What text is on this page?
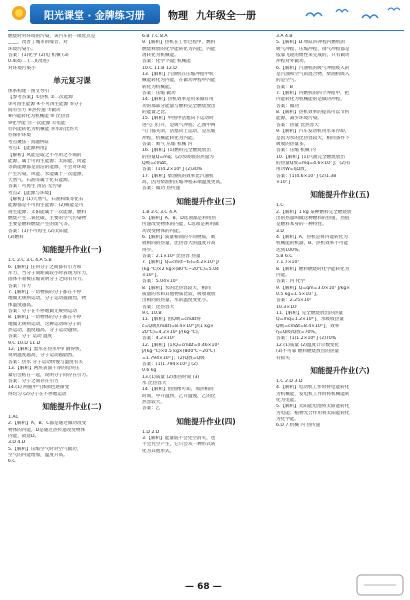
阳光课堂 · 金牌练习册 物理 九年级全一册
燃烧时对环境的污染，该汽车的一项优点是
____，改善了城市的噪音，对
环境污染小。
答案：(1)化学 (2)电 机械 (3)
0.4(4)二 (二)(改进)
对环境污染小
单元复习课
体系构建 · 图文导引
【参考答案】①热机 ②二次能源
③可再生能源 ④不可再生能源 ⑤分子
间有引力 ⑥热传递 ⑦做功
⑧内能转化为机械能 ⑨ 比热容
⑩化学能 ⑪一次能源 ⑫电能
⑬内能转化为机械能 ⑭水的比热大
⑮保护环境
考点聚焦 · 真题例证
考点1 【能源利用】
【解析】风能是取之不尽用之不竭的
能源，属于可再生能源；太阳能、风能
等新能源都是清洁的能源，不会对环境
产生污染。风能、水能属于一次能源，
天然气、石油等属于化石能源。
答案：可再生 清洁 无污染
考点2 【能源与环境】
【解析】(1)天然气、石油和煤等化石
能源都是不可再生能源；(2)核能是可
再生能源；太阳能属于一次能源，燃料
燃烧产生二氧化碳，主要的空气污染物
主要是燃料燃烧产生的废气等。
答案：(1)不可再生 (2)太阳能
(3)燃料
知能提升作业(一)
1.C 2.C 3.C 4.A 5.B
6.【解析】任何分子之间都有引力和
斥力，当分子间距离较小时表现为斥力，
固体不易被压缩说明分子之间有斥力。
答案：斥力
7.【解析】一切物质的分子都在不停
地做无规则运动，分子运动越剧烈，物
体温度越高。
答案：分子在不停地做无规则运动
8.【解析】一切物体的分子都在不停
地做无规则运动，这种运动叫分子的
热运动，温度越高，分子运动越快。
答案：分子 运动 温度
9.C 10.D 11.D
12.【解析】墨水在热水中扩散得快，
说明温度越高，分子运动越剧烈。
答案：热水 分子运动快慢与温度有关
13.【解析】两块表面干净的铅块压
紧后会粘在一起，说明分子间存在引力。
答案：分子之间存在引力
14.(1) 两瓶中气体颜色逐渐变
得均匀 (2)分子在不停地运动
知能提升作业(二)
1.AC
2.【解析】A、B、C都是通过做功改变
物体的内能，D是通过热传递改变物体
内能，故选D。
3.D 4.D
5.【解析】压缩空气时对空气做功，
空气的内能增加，温度升高。
6.C
6.B 7.C 8.A
9.【解析】热机在工作过程中，燃料
燃烧释放的化学能转化为内能，内能
再转化为机械能。
答案：化学 内能 机械能
10.C 11.B 12.D
13.【解析】汽油机在压缩冲程中机
械能转化为内能，在做功冲程中内能
转化为机械能。
答案：压缩 做功
14.【解析】热机效率是用来做有用
功的那部分能量与燃料完全燃烧放出
的能量之比。
15.【解析】甲图中活塞向下运动时
进气门打开，是吸气冲程；乙图中两
气门都关闭，活塞向上运动，是压缩
冲程，机械能转化为内能。
答案：吸气 压缩 机械 内
16.【解析】(1)燃料完全燃烧放出
的热量Q=mq；(2)水吸收的热量为
Q吸=cmΔt。
答案：(1)4.2×10⁶ J (2)30%
17.【解析】柴油机的效率比汽油机
高，因为柴油机压缩冲程末端温度更高。
答案：做功 热传递
知能提升作业(三)
1.B 2.C 3.C 4.A
5.【解析】A、B、D选项都是利用热
传递改变物体的内能，C选项是利用做
功改变物体的内能。
6.【解析】质量相同的不同物质，吸
收相同的热量，比热容大的温度升高
得少。
答案：2.1×10³ 比热容 热量
7.【解析】Q=cm(t−t₀)=4.2×10³ J/
(kg·℃)×2 kg×(80℃−20℃)=5.04
×10⁵ J。
答案：5.04×10⁵
8.【解析】水的比热容较大，相同
质量的水和其他物质比较，吸收或放
出相同的热量，水的温度变化小。
答案：比热容大
9.C 10.B
11.【解析】由Q吸=cmΔt得
c=Q吸/(mΔt)=8.4×10⁴ J/(1 kg×
20℃)=4.2×10³ J/(kg·℃)。
答案：4.2×10³
12.【解析】(1)Q=cmΔt=0.46×10³
J/(kg·℃)×0.5 kg×(800℃−20℃)
=1.794×10⁵ J；(2)Q放=Q吸
答案：(1)1.794×10⁵ J (2)
0.6 kg
13.(1)质量 (2)加热时间 (3)
水 比热容大
14.【解析】由图像可知，加热相同
时间，甲升温快，乙升温慢，乙的比
热容较大。
答案：乙
知能提升作业(四)
1.D 2.D
3.【解析】能量既不会凭空消失，也
不会凭空产生，它只会从一种形式转
化为其他形式。
3.A 4.B
5.【解析】D.单缸四冲程内燃机的
吸气冲程、压缩冲程、排气冲程都是
依靠飞轮的惯性来完成的，只有做功
冲程对外做功。
6.【解析】汽油机的吸气冲程吸入的
是汽油和空气的混合物，柴油机吸入
的是空气。
答案：B
7.【解析】内燃机的四个冲程中，把
内能转化为机械能的是做功冲程。
答案：做功
8.【解析】热机效率的提高可以节约
能源，减少环境污染。
答案：热量 比热容大
9.【解析】汽车发动机用水来冷却，
是因为水的比热容较大，相同条件下
吸收的热量多。
答案：压缩 机械 内
10.【解析】(1)汽油完全燃烧放出
的热量Q放=mq=4.6×10⁷ J；(2)有
用功W=ηQ放。
答案：(1)4.6×10⁷ J (2)1.38
×10⁷ J
知能提升作业(五)
1.C
2.【解析】1 kg 某种燃料完全燃烧放
出的热量叫做这种燃料的热值，热值
是燃料本身的一种特性。
3.D
4.【解析】A、热机是将内能转化为
机械能的机器，B、热机效率不可能
达到100%。
5.B 6.C
7.1.7×10⁷
8.【解析】燃料燃烧时化学能转化为
内能。
答案：内 化学
9.【解析】Q=qm=3.0×10⁷ J/kg×
0.5 kg=1.5×10⁷ J。
答案：2.25×10⁷
10.3×10⁷
11.【解析】完全燃烧放出的热量
Q=mq=1.2×10⁶ J，水吸收热量
Q吸=cmΔt=8.4×10⁵ J，效率
η=Q吸/Q放=70%。
答案：(1)1.2×10⁶ J (2)70%
12.(1)质量 (2)温度计示数变化
(3)不可靠 燃料燃烧放出的热量
有损失
知能提升作业(六)
1.C 2.D 3.D
4.【解析】电动机工作时将电能转化
为机械能，发电机工作时将机械能转
化为电能。
5.【解析】太阳能电池将太阳能转化
为电能；植物光合作用将太阳能转化
为化学能。
6.D 7.机械 内 热传递
— 68 —
